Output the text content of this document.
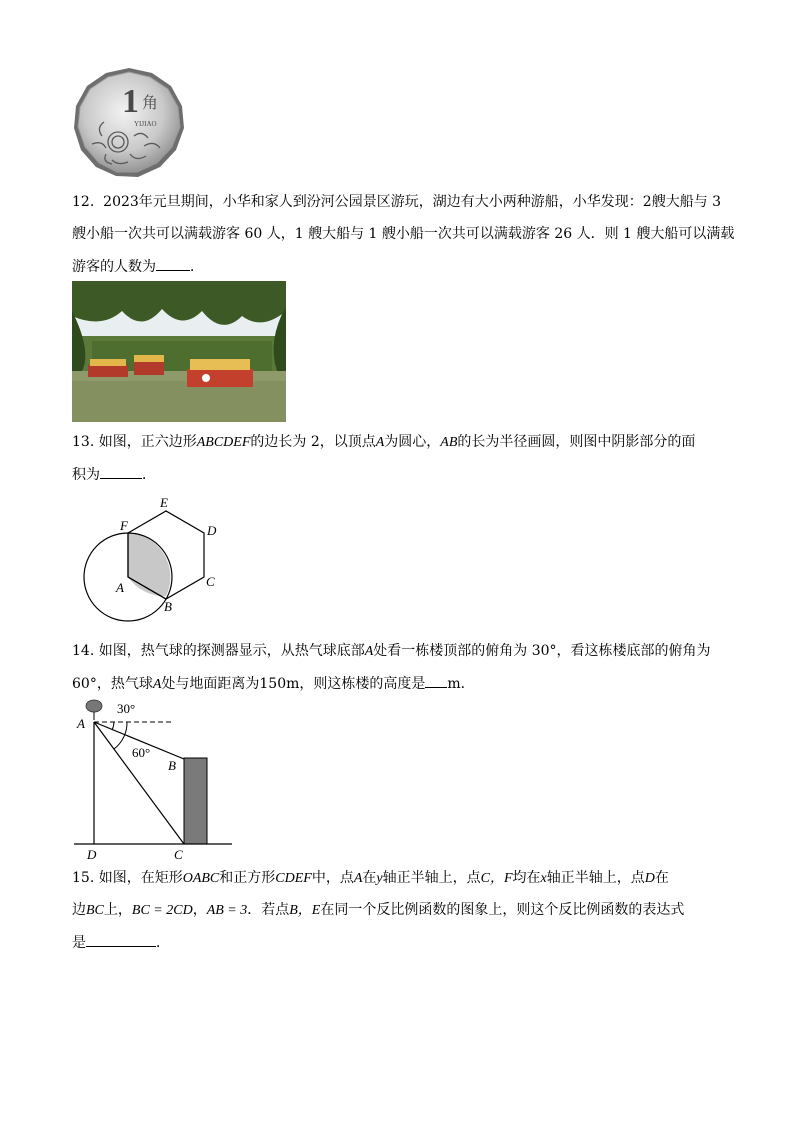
1 角
YIJIAO
12. 2023年元旦期间，小华和家人到汾河公园景区游玩，湖边有大小两种游船，小华发现：2艘大船与 3
艘小船一次共可以满载游客 60 人，1 艘大船与 1 艘小船一次共可以满载游客 26 人．则 1 艘大船可以满载
游客的人数为 ．
13. 如图，正六边形ABCDEF的边长为 2，以顶点A为圆心，AB的长为半径画圆，则图中阴影部分的面
积为	．
E
F	D
C
A
B
14. 如图，热气球的探测器显示，从热气球底部A处看一栋楼顶部的俯角为 30°，看这栋楼底部的俯角为
60°，热气球A处与地面距离为150m，则这栋楼的高度是 m．
30°
60°
A
B
D	C
15. 如图，在矩形OABC和正方形CDEF中，点A在y轴正半轴上，点C，F均在x轴正半轴上，点D在
边BC上，BC = 2CD，AB = 3．若点B，E在同一个反比例函数的图象上，则这个反比例函数的表达式
是	．
